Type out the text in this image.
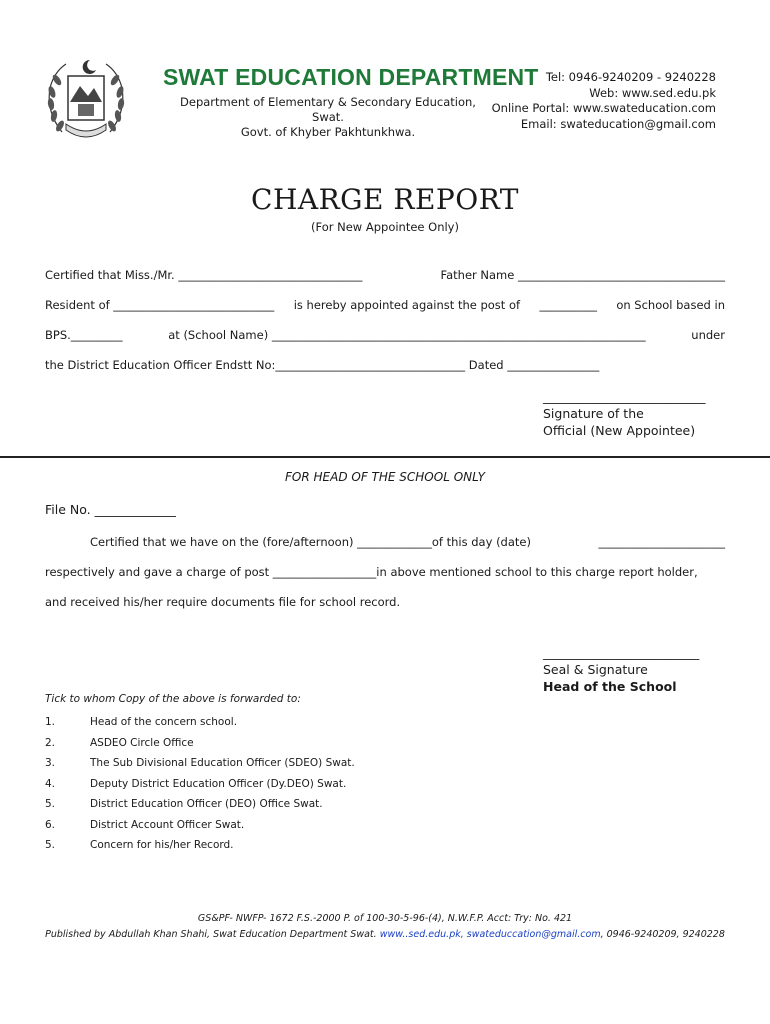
SWAT EDUCATION DEPARTMENT
Department of Elementary & Secondary Education, Swat.
Govt. of Khyber Pakhtunkhwa.
Tel: 0946-9240209 - 9240228
Web: www.sed.edu.pk
Online Portal: www.swateducation.com
Email: swateducation@gmail.com
CHARGE REPORT
(For New Appointee Only)
Certified that Miss./Mr. ________________________________	Father Name ____________________________________
Resident of ____________________________ is hereby appointed against the post of __________ on School based in
BPS._________	at (School Name) _________________________________________________________________	under
the District Education Officer Endstt No:_________________________________ Dated ________________
__________________________
Signature of the
Official (New Appointee)
FOR HEAD OF THE SCHOOL ONLY
File No. _____________
Certified that we have on the (fore/afternoon) _____________of this day (date)	______________________
respectively and gave a charge of post __________________in above mentioned school to this charge report holder,
and received his/her require documents file for school record.
_________________________
Seal & Signature
Head of the School
Tick to whom Copy of the above is forwarded to:
1.	Head of the concern school.
2.	ASDEO Circle Office
3.	The Sub Divisional Education Officer (SDEO) Swat.
4.	Deputy District Education Officer (Dy.DEO) Swat.
5.	District Education Officer (DEO) Office Swat.
6.	District Account Officer Swat.
5.	Concern for his/her Record.
GS&PF- NWFP- 1672 F.S.-2000 P. of 100-30-5-96-(4), N.W.F.P. Acct: Try: No. 421
Published by Abdullah Khan Shahi, Swat Education Department Swat. www..sed.edu.pk, swateduccation@gmail.com, 0946-9240209, 9240228
